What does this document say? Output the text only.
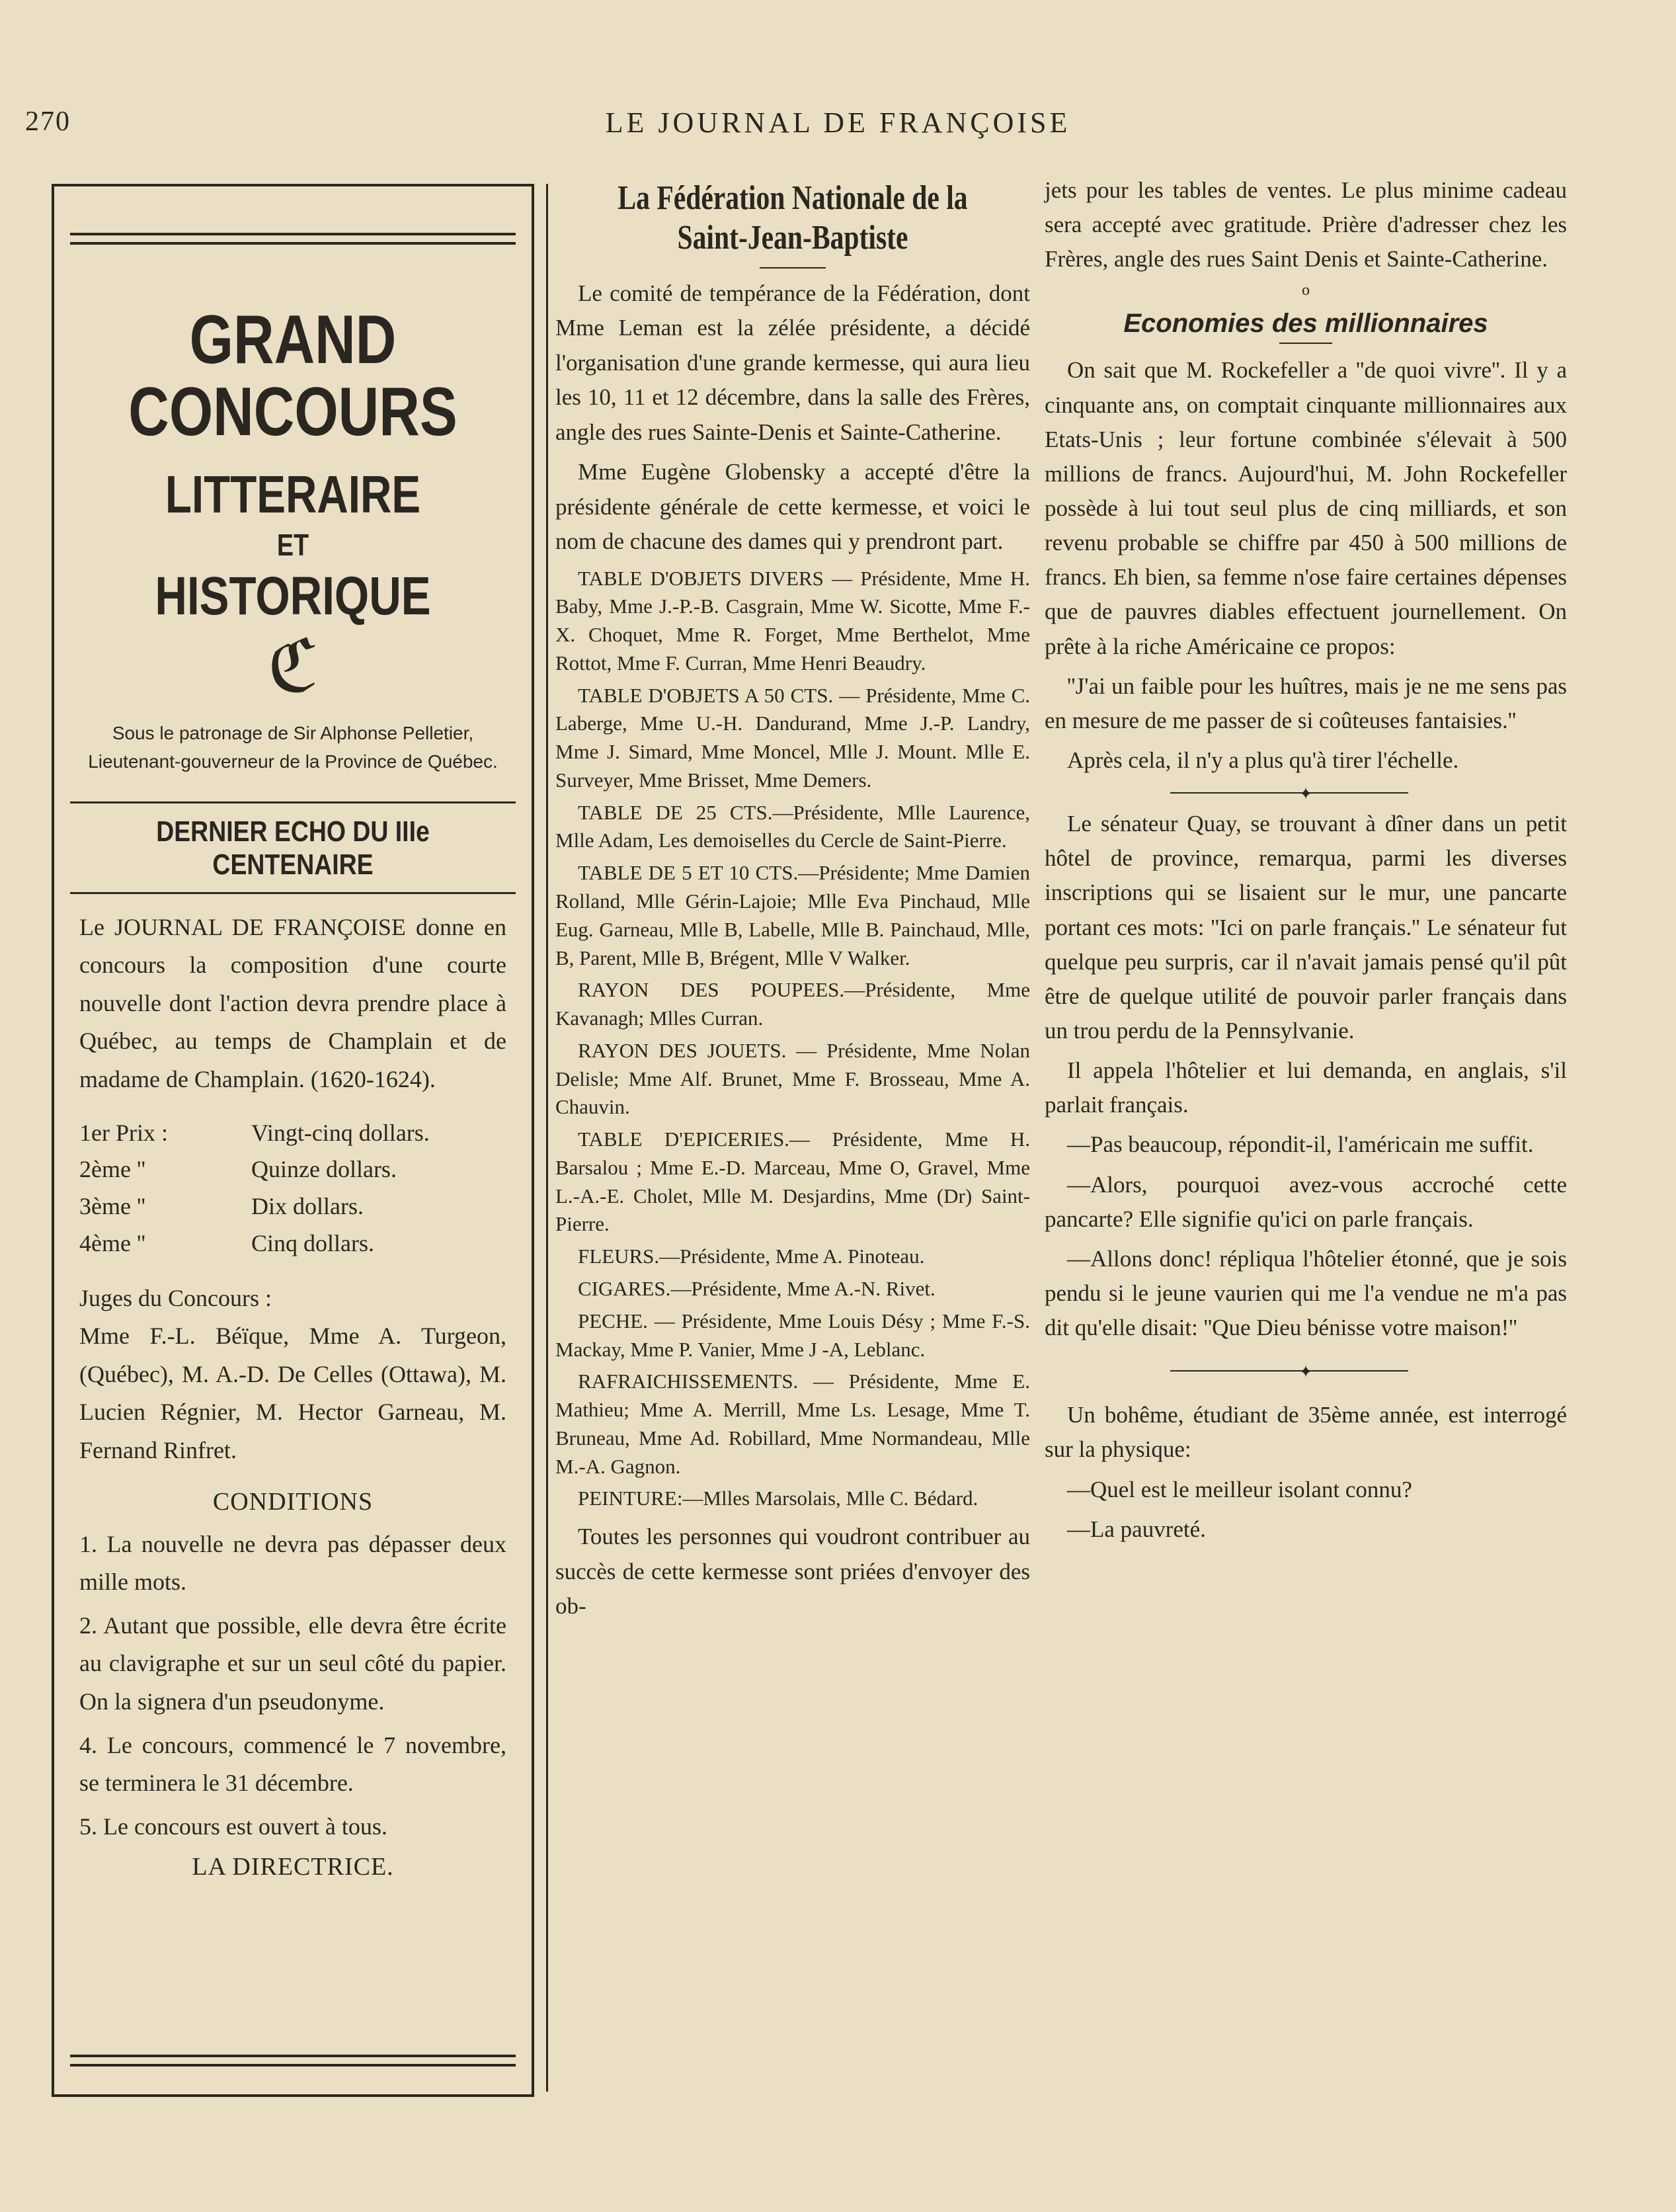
270	LE JOURNAL DE FRANÇOISE
GRAND CONCOURS
LITTERAIRE
ET
HISTORIQUE
ℭ
Sous le patronage de Sir Alphonse Pelletier, Lieutenant-gouverneur de la Province de Québec.
DERNIER ECHO DU IIIe CENTENAIRE

Le JOURNAL DE FRANÇOISE donne en concours la composition d'une courte nouvelle dont l'action devra prendre place à Québec, au temps de Champlain et de madame de Champlain. (1620-1624).

1er Prix :	Vingt-cinq dollars.
2ème ''	Quinze dollars.
3ème ''	Dix dollars.
4ème ''	Cinq dollars.

Juges du Concours :

Mme F.-L. Béïque, Mme A. Turgeon, (Québec), M. A.-D. De Celles (Ottawa), M. Lucien Régnier, M. Hector Garneau, M. Fernand Rinfret.

CONDITIONS

1. La nouvelle ne devra pas dépasser deux mille mots.

2. Autant que possible, elle devra être écrite au clavigraphe et sur un seul côté du papier. On la signera d'un pseudonyme.

4. Le concours, commencé le 7 novembre, se terminera le 31 décembre.

5. Le concours est ouvert à tous.

LA DIRECTRICE.
La Fédération Nationale de la Saint-Jean-Baptiste

Le comité de tempérance de la Fédération, dont Mme Leman est la zélée présidente, a décidé l'organisation d'une grande kermesse, qui aura lieu les 10, 11 et 12 décembre, dans la salle des Frères, angle des rues Sainte-Denis et Sainte-Catherine.

Mme Eugène Globensky a accepté d'être la présidente générale de cette kermesse, et voici le nom de chacune des dames qui y prendront part.

TABLE D'OBJETS DIVERS — Présidente, Mme H. Baby, Mme J.-P.-B. Casgrain, Mme W. Sicotte, Mme F.-X. Choquet, Mme R. Forget, Mme Berthelot, Mme Rottot, Mme F. Curran, Mme Henri Beaudry.

TABLE D'OBJETS A 50 CTS. — Présidente, Mme C. Laberge, Mme U.-H. Dandurand, Mme J.-P. Landry, Mme J. Simard, Mme Moncel, Mlle J. Mount. Mlle E. Surveyer, Mme Brisset, Mme Demers.

TABLE DE 25 CTS.—Présidente, Mlle Laurence, Mlle Adam, Les demoiselles du Cercle de Saint-Pierre.

TABLE DE 5 ET 10 CTS.—Présidente; Mme Damien Rolland, Mlle Gérin-Lajoie; Mlle Eva Pinchaud, Mlle Eug. Garneau, Mlle B, Labelle, Mlle B. Painchaud, Mlle, B, Parent, Mlle B, Brégent, Mlle V Walker.

RAYON DES POUPEES.—Présidente, Mme Kavanagh; Mlles Curran.

RAYON DES JOUETS. — Présidente, Mme Nolan Delisle; Mme Alf. Brunet, Mme F. Brosseau, Mme A. Chauvin.

TABLE D'EPICERIES.— Présidente, Mme H. Barsalou ; Mme E.-D. Marceau, Mme O, Gravel, Mme L.-A.-E. Cholet, Mlle M. Desjardins, Mme (Dr) Saint-Pierre.

FLEURS.—Présidente, Mme A. Pinoteau.

CIGARES.—Présidente, Mme A.-N. Rivet.

PECHE. — Présidente, Mme Louis Désy ; Mme F.-S. Mackay, Mme P. Vanier, Mme J -A, Leblanc.

RAFRAICHISSEMENTS. — Présidente, Mme E. Mathieu; Mme A. Merrill, Mme Ls. Lesage, Mme T. Bruneau, Mme Ad. Robillard, Mme Normandeau, Mlle M.-A. Gagnon.

PEINTURE:—Mlles Marsolais, Mlle C. Bédard.

Toutes les personnes qui voudront contribuer au succès de cette kermesse sont priées d'envoyer des ob-

jets pour les tables de ventes. Le plus minime cadeau sera accepté avec gratitude. Prière d'adresser chez les Frères, angle des rues Saint Denis et Sainte-Catherine.

o
Economies des millionnaires

On sait que M. Rockefeller a ''de quoi vivre''. Il y a cinquante ans, on comptait cinquante millionnaires aux Etats-Unis ; leur fortune combinée s'élevait à 500 millions de francs. Aujourd'hui, M. John Rockefeller possède à lui tout seul plus de cinq milliards, et son revenu probable se chiffre par 450 à 500 millions de francs. Eh bien, sa femme n'ose faire certaines dépenses que de pauvres diables effectuent journellement. On prête à la riche Américaine ce propos:

''J'ai un faible pour les huîtres, mais je ne me sens pas en mesure de me passer de si coûteuses fantaisies.''

Après cela, il n'y a plus qu'à tirer l'échelle.

✦

Le sénateur Quay, se trouvant à dîner dans un petit hôtel de province, remarqua, parmi les diverses inscriptions qui se lisaient sur le mur, une pancarte portant ces mots: ''Ici on parle français.'' Le sénateur fut quelque peu surpris, car il n'avait jamais pensé qu'il pût être de quelque utilité de pouvoir parler français dans un trou perdu de la Pennsylvanie.

Il appela l'hôtelier et lui demanda, en anglais, s'il parlait français.

—Pas beaucoup, répondit-il, l'américain me suffit.

—Alors, pourquoi avez-vous accroché cette pancarte? Elle signifie qu'ici on parle français.

—Allons donc! répliqua l'hôtelier étonné, que je sois pendu si le jeune vaurien qui me l'a vendue ne m'a pas dit qu'elle disait: ''Que Dieu bénisse votre maison!''

✦

Un bohême, étudiant de 35ème année, est interrogé sur la physique:

—Quel est le meilleur isolant connu?

—La pauvreté.
